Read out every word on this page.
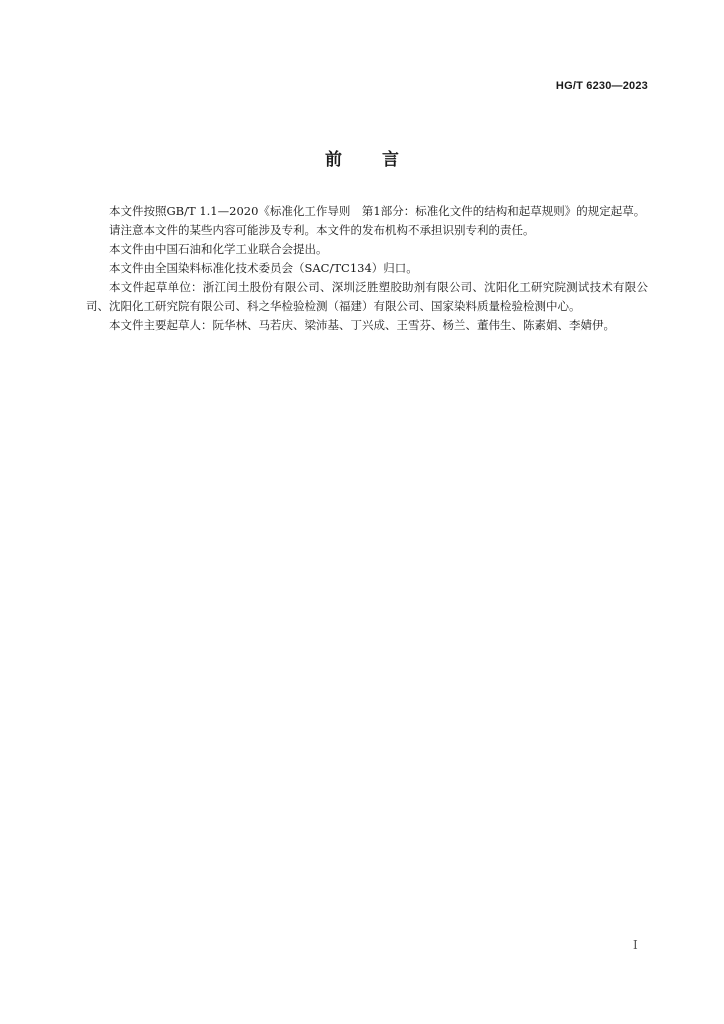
HG/T 6230—2023
前言

本文件按照GB/T 1.1—2020《标准化工作导则　第1部分：标准化文件的结构和起草规则》的规定起草。

请注意本文件的某些内容可能涉及专利。本文件的发布机构不承担识别专利的责任。

本文件由中国石油和化学工业联合会提出。

本文件由全国染料标准化技术委员会（SAC/TC134）归口。

本文件起草单位：浙江闰土股份有限公司、深圳泛胜塑胶助剂有限公司、沈阳化工研究院测试技术有限公司、沈阳化工研究院有限公司、科之华检验检测（福建）有限公司、国家染料质量检验检测中心。

本文件主要起草人：阮华林、马若庆、梁沛基、丁兴成、王雪芬、杨兰、董伟生、陈素娟、李婧伊。

I
